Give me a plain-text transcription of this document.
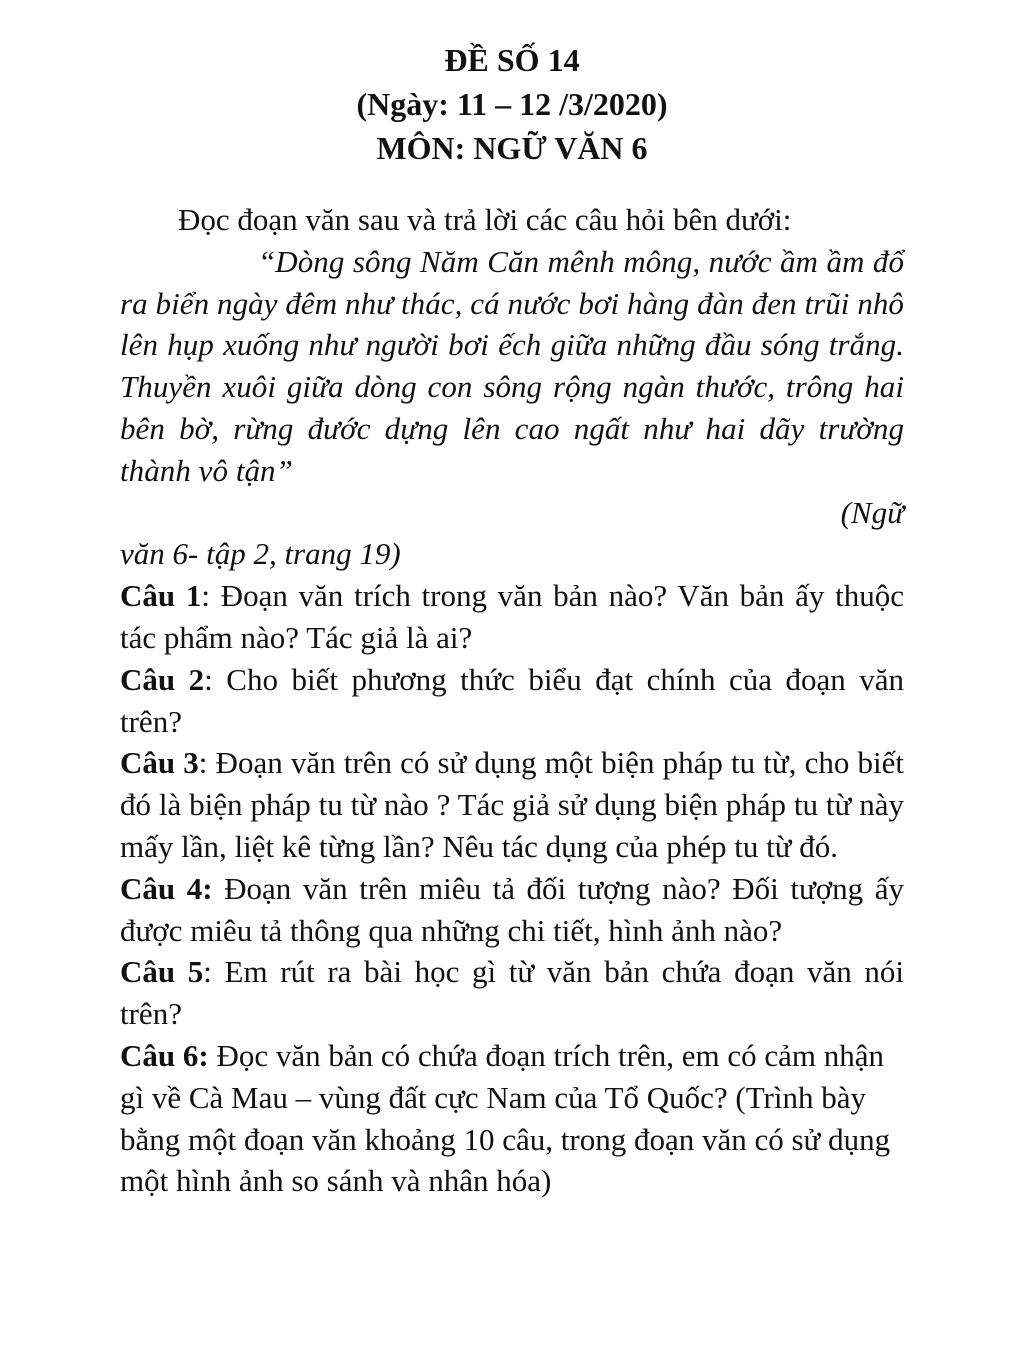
ĐỀ SỐ 14
(Ngày: 11 – 12 /3/2020)
MÔN: NGỮ VĂN 6
Đọc đoạn văn sau và trả lời các câu hỏi bên dưới:
“Dòng sông Năm Căn mênh mông, nước ầm ầm đổ ra biển ngày đêm như thác, cá nước bơi hàng đàn đen trũi nhô lên hụp xuống như người bơi ếch giữa những đầu sóng trắng. Thuyền xuôi giữa dòng con sông rộng ngàn thước, trông hai bên bờ, rừng đước dựng lên cao ngất như hai dãy trường thành vô tận”
(Ngữ
văn 6- tập 2, trang 19)

Câu 1: Đoạn văn trích trong văn bản nào? Văn bản ấy thuộc tác phẩm nào? Tác giả là ai?

Câu 2: Cho biết phương thức biểu đạt chính của đoạn văn trên?

Câu 3: Đoạn văn trên có sử dụng một biện pháp tu từ, cho biết đó là biện pháp tu từ nào ? Tác giả sử dụng biện pháp tu từ này mấy lần, liệt kê từng lần? Nêu tác dụng của phép tu từ đó.

Câu 4: Đoạn văn trên miêu tả đối tượng nào? Đối tượng ấy được miêu tả thông qua những chi tiết, hình ảnh nào?

Câu 5: Em rút ra bài học gì từ văn bản chứa đoạn văn nói trên?

Câu 6: Đọc văn bản có chứa đoạn trích trên, em có cảm nhận gì về Cà Mau – vùng đất cực Nam của Tổ Quốc? (Trình bày bằng một đoạn văn khoảng 10 câu, trong đoạn văn có sử dụng một hình ảnh so sánh và nhân hóa)
